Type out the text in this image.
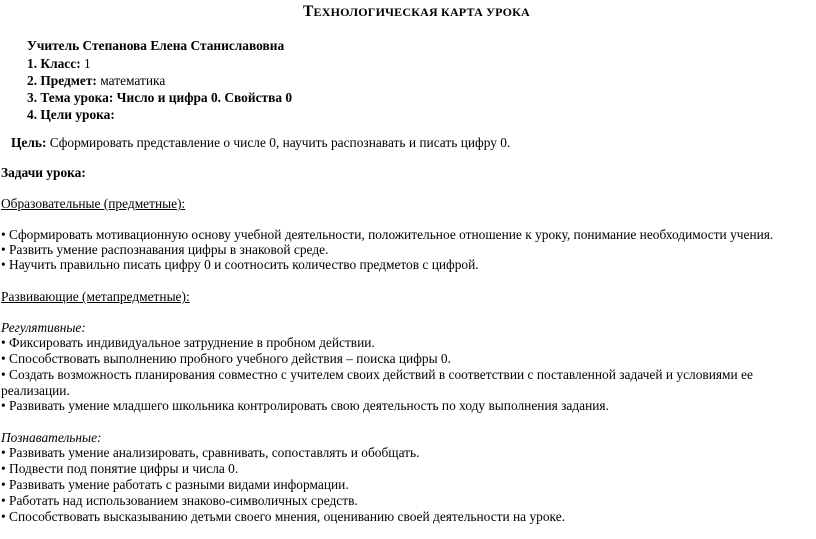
ТЕХНОЛОГИЧЕСКАЯ КАРТА УРОКА
Учитель Степанова Елена Станиславовна
1. Класс: 1
2. Предмет: математика
3. Тема урока: Число и цифра 0. Свойства 0
4. Цели урока:
Цель: Сформировать представление о числе 0, научить распознавать и писать цифру 0.
Задачи урока:
Образовательные (предметные):
• Сформировать мотивационную основу учебной деятельности, положительное отношение к уроку, понимание необходимости учения.
• Развить умение распознавания цифры в знаковой среде.
• Научить правильно писать цифру 0 и соотносить количество предметов с цифрой.
Развивающие (метапредметные):
Регулятивные:
• Фиксировать индивидуальное затруднение в пробном действии.
• Способствовать выполнению пробного учебного действия – поиска цифры 0.
• Создать возможность планирования совместно с учителем своих действий в соответствии с поставленной задачей и условиями ее
реализации.
• Развивать умение младшего школьника контролировать свою деятельность по ходу выполнения задания.
Познавательные:
• Развивать умение анализировать, сравнивать, сопоставлять и обобщать.
• Подвести под понятие цифры и числа 0.
• Развивать умение работать с разными видами информации.
• Работать над использованием знаково-символичных средств.
• Способствовать высказыванию детьми своего мнения, оцениванию своей деятельности на уроке.
